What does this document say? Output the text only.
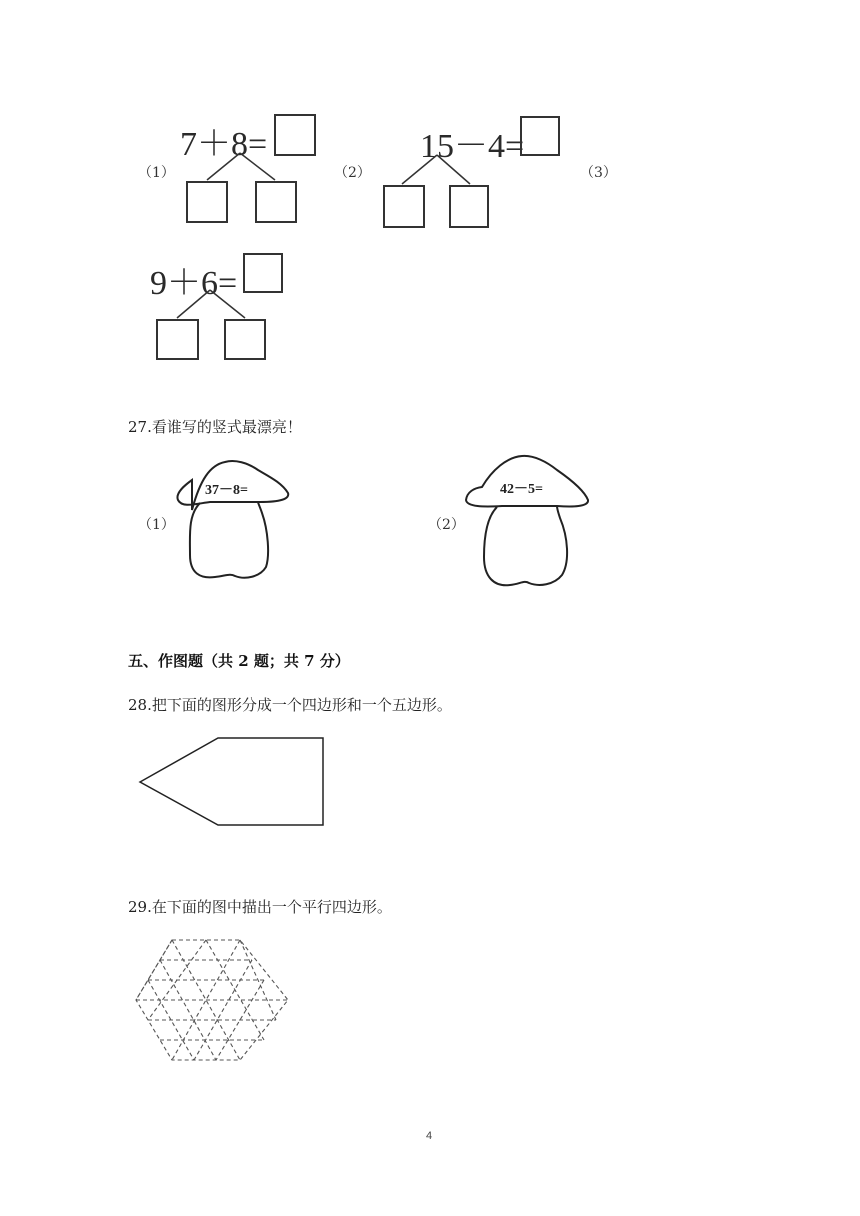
（1）
7＋8=
（2）
15－4=
（3）
9＋6=
27.看谁写的竖式最漂亮！
（1）
37－8=
（2）
42－5=
五、作图题（共 2 题；共 7 分）
28.把下面的图形分成一个四边形和一个五边形。
29.在下面的图中描出一个平行四边形。
4
